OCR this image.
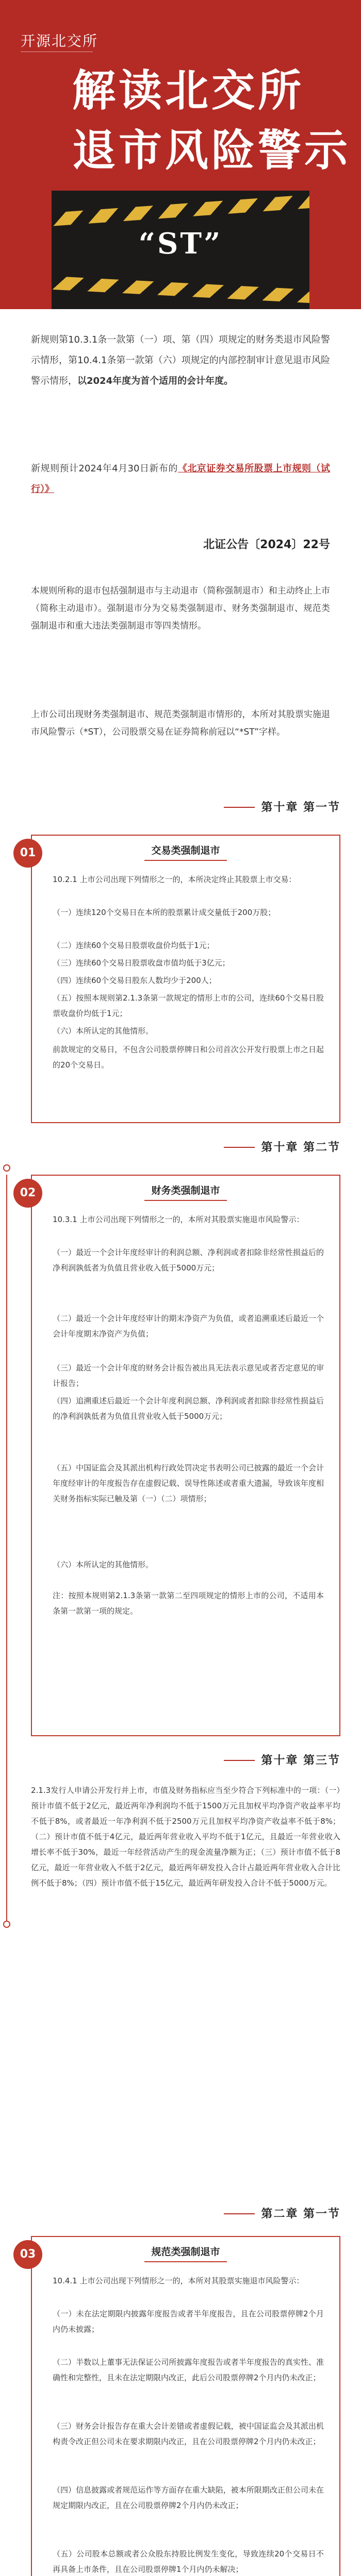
开源北交所
解读北交所
退市风险警示
“ST”
新规则第10.3.1条一款第（一）项、第（四）项规定的财务类退市风险警示情形，第10.4.1条第一款第（六）项规定的内部控制审计意见退市风险警示情形，以2024年度为首个适用的会计年度。
新规则预计2024年4月30日新布的《北京证券交易所股票上市规则（试行）》
北证公告〔2024〕22号
本规则所称的退市包括强制退市与主动退市（简称强制退市）和主动终止上市（简称主动退市）。强制退市分为交易类强制退市、财务类强制退市、规范类强制退市和重大违法类强制退市等四类情形。
上市公司出现财务类强制退市、规范类强制退市情形的，本所对其股票实施退市风险警示（*ST），公司股票交易在证券简称前冠以“*ST”字样。
第十章 第一节
01	交易类强制退市
10.2.1 上市公司出现下列情形之一的，本所决定终止其股票上市交易：
（一）连续120个交易日在本所的股票累计成交量低于200万股；
（二）连续60个交易日股票收盘价均低于1元；
（三）连续60个交易日股票收盘市值均低于3亿元；
（四）连续60个交易日股东人数均少于200人；
（五）按照本规则第2.1.3条第一款规定的情形上市的公司，连续60个交易日股票收盘价均低于1元；
（六）本所认定的其他情形。
前款规定的交易日，不包含公司股票停牌日和公司首次公开发行股票上市之日起的20个交易日。
第十章 第二节
02	财务类强制退市
10.3.1 上市公司出现下列情形之一的，本所对其股票实施退市风险警示：
（一）最近一个会计年度经审计的利润总额、净利润或者扣除非经常性损益后的净利润孰低者为负值且营业收入低于5000万元；
（二）最近一个会计年度经审计的期末净资产为负值，或者追溯重述后最近一个会计年度期末净资产为负值；
（三）最近一个会计年度的财务会计报告被出具无法表示意见或者否定意见的审计报告；
（四）追溯重述后最近一个会计年度利润总额、净利润或者扣除非经常性损益后的净利润孰低者为负值且营业收入低于5000万元；
（五）中国证监会及其派出机构行政处罚决定书表明公司已披露的最近一个会计年度经审计的年度报告存在虚假记载、误导性陈述或者重大遗漏，导致该年度相关财务指标实际已触及第（一）（二）项情形；
（六）本所认定的其他情形。
注：按照本规则第2.1.3条第一款第二至四项规定的情形上市的公司，不适用本条第一款第一项的规定。
第十章 第三节
2.1.3发行人申请公开发行并上市，市值及财务指标应当至少符合下列标准中的一项：（一）预计市值不低于2亿元，最近两年净利润均不低于1500万元且加权平均净资产收益率平均不低于8%，或者最近一年净利润不低于2500万元且加权平均净资产收益率不低于8%；（二）预计市值不低于4亿元，最近两年营业收入平均不低于1亿元，且最近一年营业收入增长率不低于30%，最近一年经营活动产生的现金流量净额为正；（三）预计市值不低于8亿元，最近一年营业收入不低于2亿元，最近两年研发投入合计占最近两年营业收入合计比例不低于8%；（四）预计市值不低于15亿元，最近两年研发投入合计不低于5000万元。
第二章 第一节
03	规范类强制退市
10.4.1 上市公司出现下列情形之一的，本所对其股票实施退市风险警示：
（一）未在法定期限内披露年度报告或者半年度报告，且在公司股票停牌2个月内仍未披露；
（二）半数以上董事无法保证公司所披露年度报告或者半年度报告的真实性、准确性和完整性，且未在法定期限内改正，此后公司股票停牌2个月内仍未改正；
（三）财务会计报告存在重大会计差错或者虚假记载，被中国证监会及其派出机构责令改正但公司未在要求期限内改正，且在公司股票停牌2个月内仍未改正；
（四）信息披露或者规范运作等方面存在重大缺陷，被本所限期改正但公司未在规定期限内改正，且在公司股票停牌2个月内仍未改正；
（五）公司股本总额或者公众股东持股比例发生变化，导致连续20个交易日不再具备上市条件，且在公司股票停牌1个月内仍未解决；
